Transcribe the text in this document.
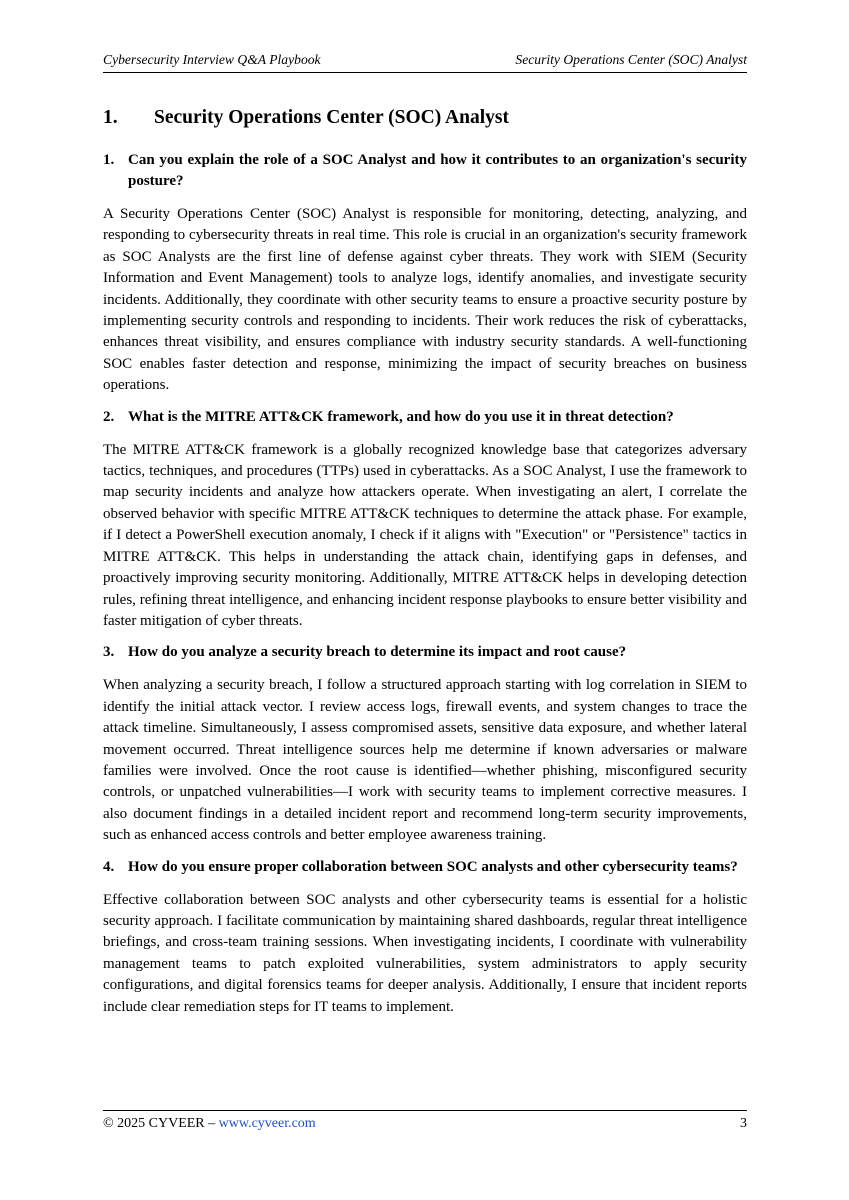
Cybersecurity Interview Q&A Playbook	Security Operations Center (SOC) Analyst
1. Security Operations Center (SOC) Analyst
1. Can you explain the role of a SOC Analyst and how it contributes to an organization's security posture?

A Security Operations Center (SOC) Analyst is responsible for monitoring, detecting, analyzing, and responding to cybersecurity threats in real time. This role is crucial in an organization's security framework as SOC Analysts are the first line of defense against cyber threats. They work with SIEM (Security Information and Event Management) tools to analyze logs, identify anomalies, and investigate security incidents. Additionally, they coordinate with other security teams to ensure a proactive security posture by implementing security controls and responding to incidents. Their work reduces the risk of cyberattacks, enhances threat visibility, and ensures compliance with industry security standards. A well-functioning SOC enables faster detection and response, minimizing the impact of security breaches on business operations.

2. What is the MITRE ATT&CK framework, and how do you use it in threat detection?

The MITRE ATT&CK framework is a globally recognized knowledge base that categorizes adversary tactics, techniques, and procedures (TTPs) used in cyberattacks. As a SOC Analyst, I use the framework to map security incidents and analyze how attackers operate. When investigating an alert, I correlate the observed behavior with specific MITRE ATT&CK techniques to determine the attack phase. For example, if I detect a PowerShell execution anomaly, I check if it aligns with "Execution" or "Persistence" tactics in MITRE ATT&CK. This helps in understanding the attack chain, identifying gaps in defenses, and proactively improving security monitoring. Additionally, MITRE ATT&CK helps in developing detection rules, refining threat intelligence, and enhancing incident response playbooks to ensure better visibility and faster mitigation of cyber threats.

3. How do you analyze a security breach to determine its impact and root cause?

When analyzing a security breach, I follow a structured approach starting with log correlation in SIEM to identify the initial attack vector. I review access logs, firewall events, and system changes to trace the attack timeline. Simultaneously, I assess compromised assets, sensitive data exposure, and whether lateral movement occurred. Threat intelligence sources help me determine if known adversaries or malware families were involved. Once the root cause is identified—whether phishing, misconfigured security controls, or unpatched vulnerabilities—I work with security teams to implement corrective measures. I also document findings in a detailed incident report and recommend long-term security improvements, such as enhanced access controls and better employee awareness training.

4. How do you ensure proper collaboration between SOC analysts and other cybersecurity teams?

Effective collaboration between SOC analysts and other cybersecurity teams is essential for a holistic security approach. I facilitate communication by maintaining shared dashboards, regular threat intelligence briefings, and cross-team training sessions. When investigating incidents, I coordinate with vulnerability management teams to patch exploited vulnerabilities, system administrators to apply security configurations, and digital forensics teams for deeper analysis. Additionally, I ensure that incident reports include clear remediation steps for IT teams to implement.

© 2025 CYVEER – www.cyveer.com	3
